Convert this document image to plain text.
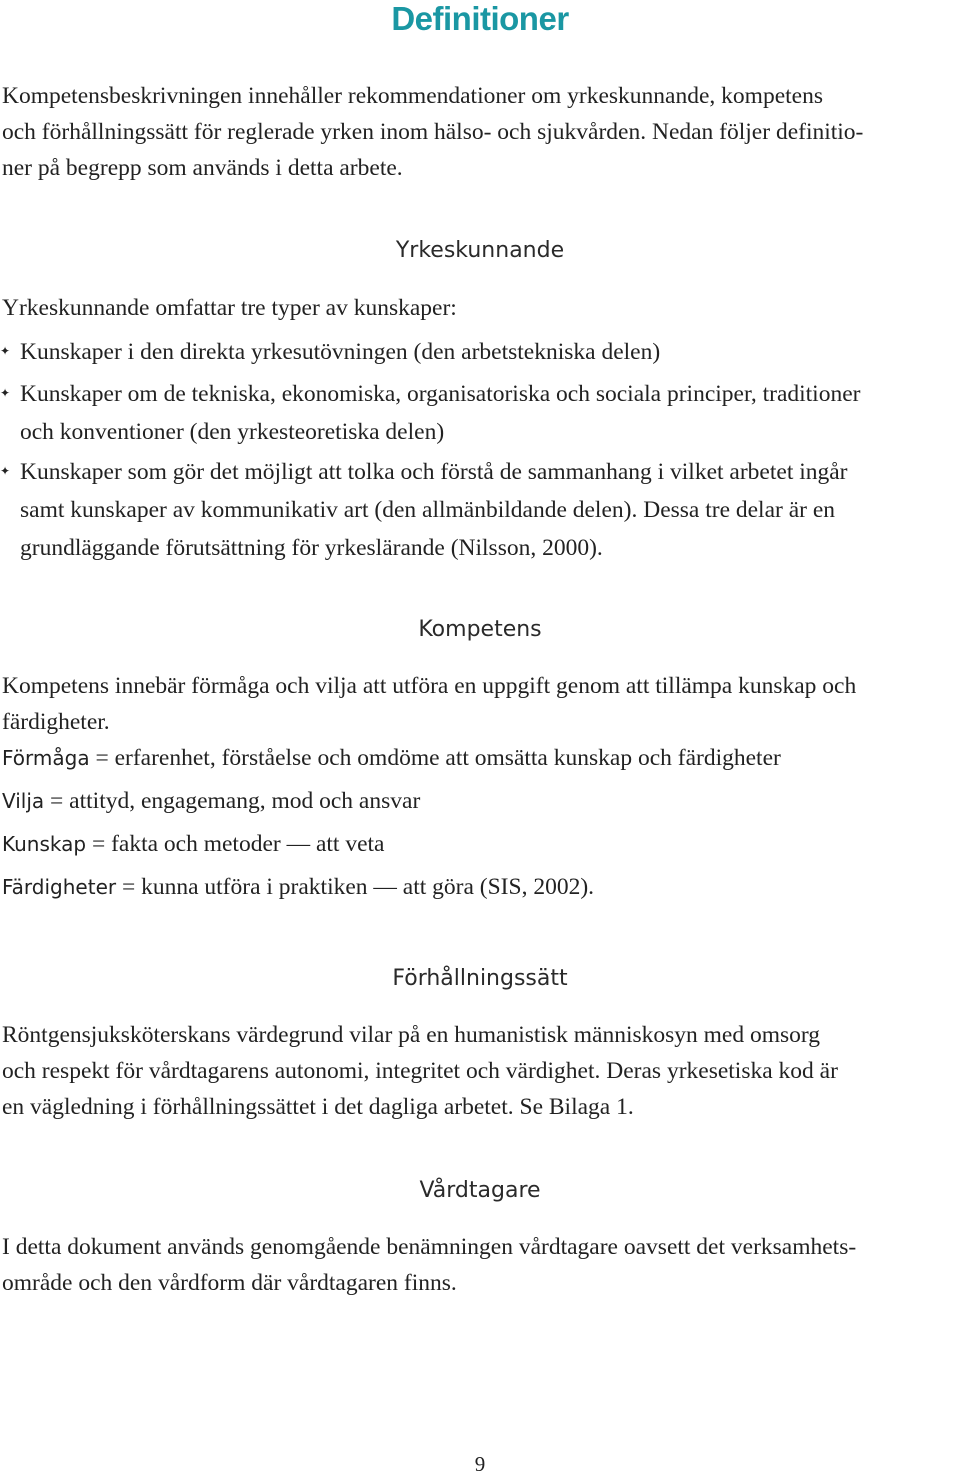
Definitioner
Kompetensbeskrivningen innehåller rekommendationer om yrkeskunnande, kompetens
och förhållningssätt för reglerade yrken inom hälso- och sjukvården. Nedan följer definitio-
ner på begrepp som används i detta arbete.
Yrkeskunnande
Yrkeskunnande omfattar tre typer av kunskaper:
✦ Kunskaper i den direkta yrkesutövningen (den arbetstekniska delen)
✦ Kunskaper om de tekniska, ekonomiska, organisatoriska och sociala principer, traditioner
och konventioner (den yrkesteoretiska delen)
✦ Kunskaper som gör det möjligt att tolka och förstå de sammanhang i vilket arbetet ingår
samt kunskaper av kommunikativ art (den allmänbildande delen). Dessa tre delar är en
grundläggande förutsättning för yrkeslärande (Nilsson, 2000).
Kompetens
Kompetens innebär förmåga och vilja att utföra en uppgift genom att tillämpa kunskap och
färdigheter.
Förmåga = erfarenhet, förståelse och omdöme att omsätta kunskap och färdigheter
Vilja = attityd, engagemang, mod och ansvar
Kunskap = fakta och metoder — att veta
Färdigheter = kunna utföra i praktiken — att göra (SIS, 2002).
Förhållningssätt
Röntgensjuksköterskans värdegrund vilar på en humanistisk människosyn med omsorg
och respekt för vårdtagarens autonomi, integritet och värdighet. Deras yrkesetiska kod är
en vägledning i förhållningssättet i det dagliga arbetet. Se Bilaga 1.
Vårdtagare
I detta dokument används genomgående benämningen vårdtagare oavsett det verksamhets-
område och den vårdform där vårdtagaren finns.
9
